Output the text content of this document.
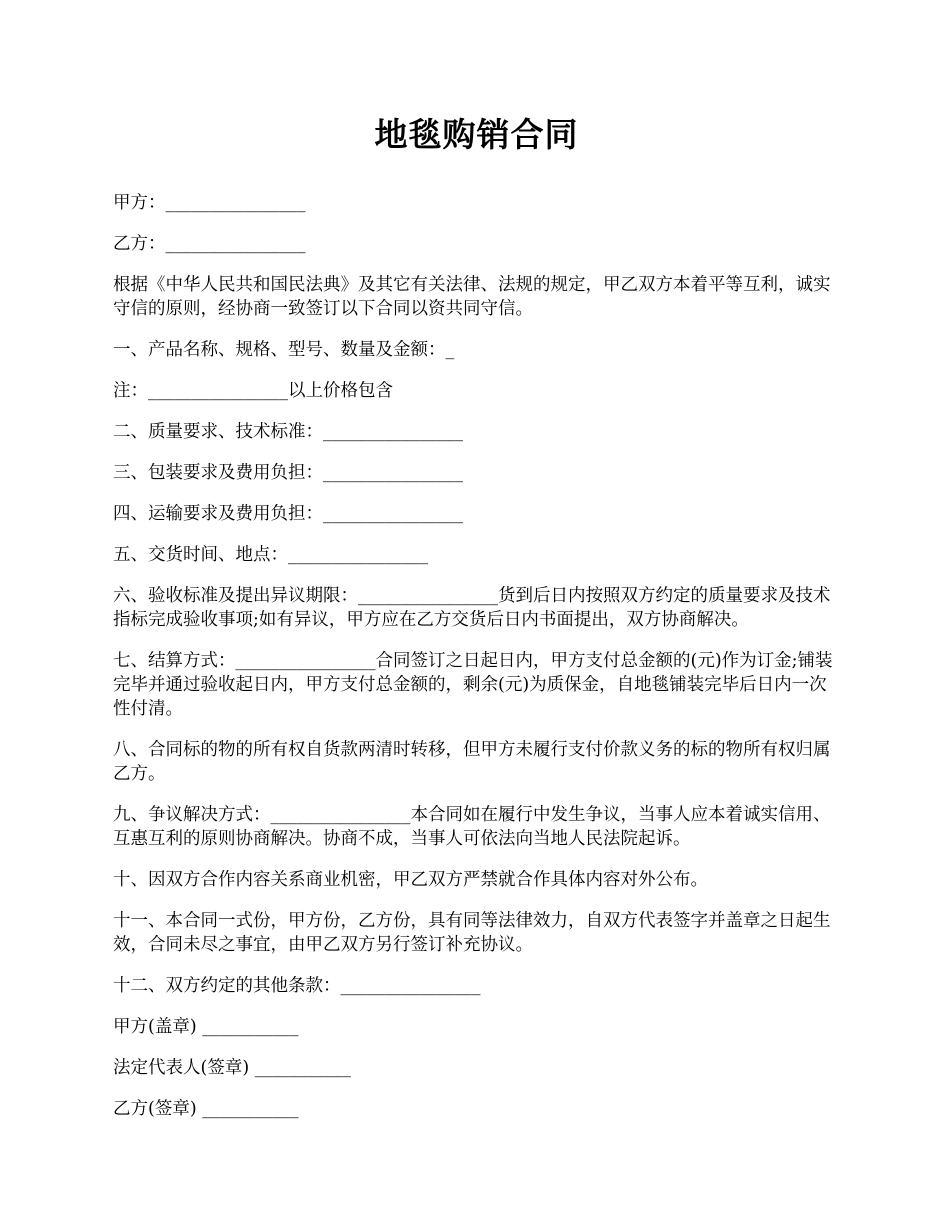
地毯购销合同

甲方：________________

乙方：________________

根据《中华人民共和国民法典》及其它有关法律、法规的规定，甲乙双方本着平等互利，诚实守信的原则，经协商一致签订以下合同以资共同守信。

一、产品名称、规格、型号、数量及金额：_

注：________________以上价格包含

二、质量要求、技术标准：________________

三、包装要求及费用负担：________________

四、运输要求及费用负担：________________

五、交货时间、地点：________________

六、验收标准及提出异议期限：________________货到后日内按照双方约定的质量要求及技术指标完成验收事项;如有异议，甲方应在乙方交货后日内书面提出，双方协商解决。

七、结算方式：________________合同签订之日起日内，甲方支付总金额的(元)作为订金;铺装完毕并通过验收起日内，甲方支付总金额的，剩余(元)为质保金，自地毯铺装完毕后日内一次性付清。

八、合同标的物的所有权自货款两清时转移，但甲方未履行支付价款义务的标的物所有权归属乙方。

九、争议解决方式：________________本合同如在履行中发生争议，当事人应本着诚实信用、互惠互利的原则协商解决。协商不成，当事人可依法向当地人民法院起诉。

十、因双方合作内容关系商业机密，甲乙双方严禁就合作具体内容对外公布。

十一、本合同一式份，甲方份，乙方份，具有同等法律效力，自双方代表签字并盖章之日起生效，合同未尽之事宜，由甲乙双方另行签订补充协议。

十二、双方约定的其他条款：________________

甲方(盖章) ___________

法定代表人(签章) ___________

乙方(签章) ___________
